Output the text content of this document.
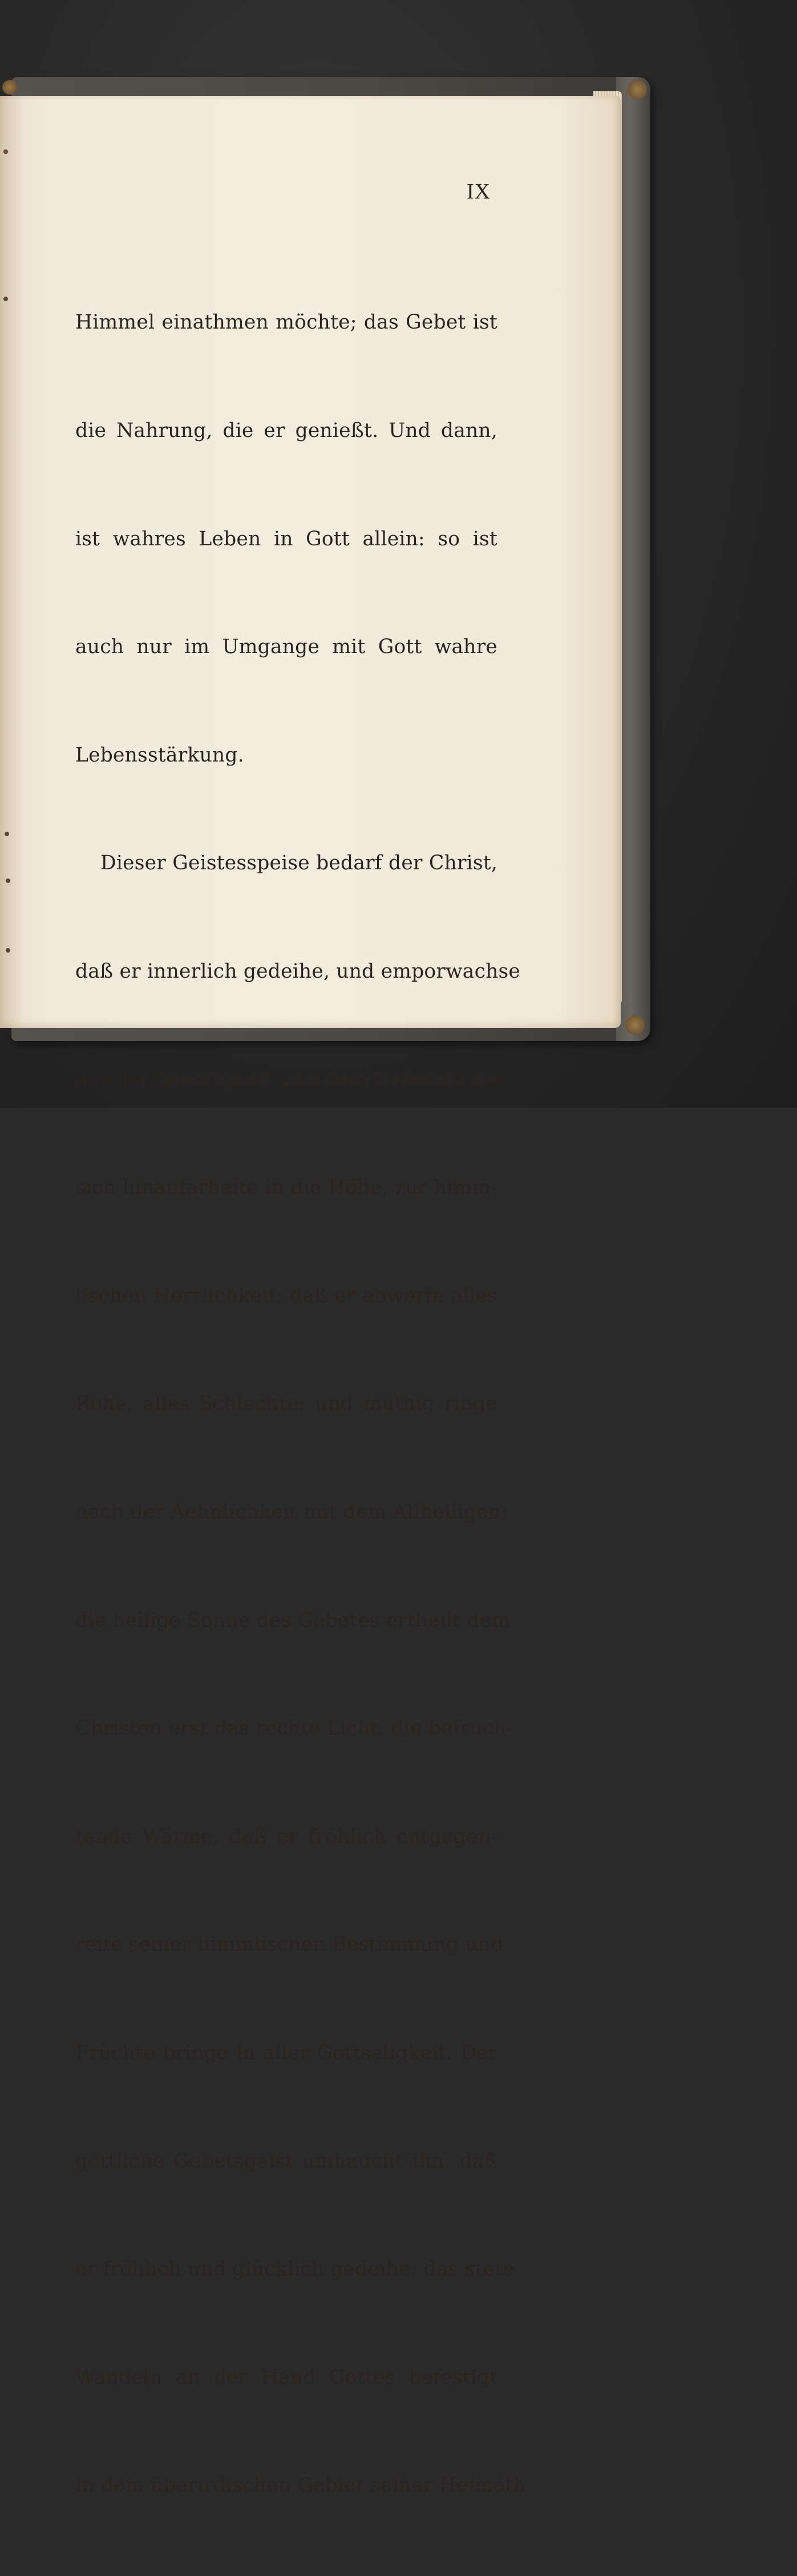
IX

Himmel einathmen möchte; das Gebet ist

die Nahrung, die er genießt. Und dann,

ist wahres Leben in Gott allein: so ist

auch nur im Umgange mit Gott wahre

Lebensstärkung.

Dieser Geistesspeise bedarf der Christ,

daß er innerlich gedeihe, und emporwachse

aus der Niedrigkeit, aus dem Erdenstaube,

sich hinaufarbeite in die Höhe, zur himm-

lischen Herrlichkeit; daß er abwerfe alles

Rohe, alles Schlechte; und muthig ringe

nach der Aehnlichkeit mit dem Allheiligen;

die heilige Sonne des Gebetes ertheilt dem

Christen erst das rechte Licht, die befruch-

tende Wärme, daß er fröhlich entgegen-

reife seiner himmlischen Bestimmung und

Früchte bringe in aller Gottseligkeit. Der

göttliche Gebetsgeist umhaucht ihn, daß

er fröhlich und glücklich gedeihe; das stete

Wandeln an der Hand Gottes befestigt

in dem überirdischen Gebiet seiner Heimath
